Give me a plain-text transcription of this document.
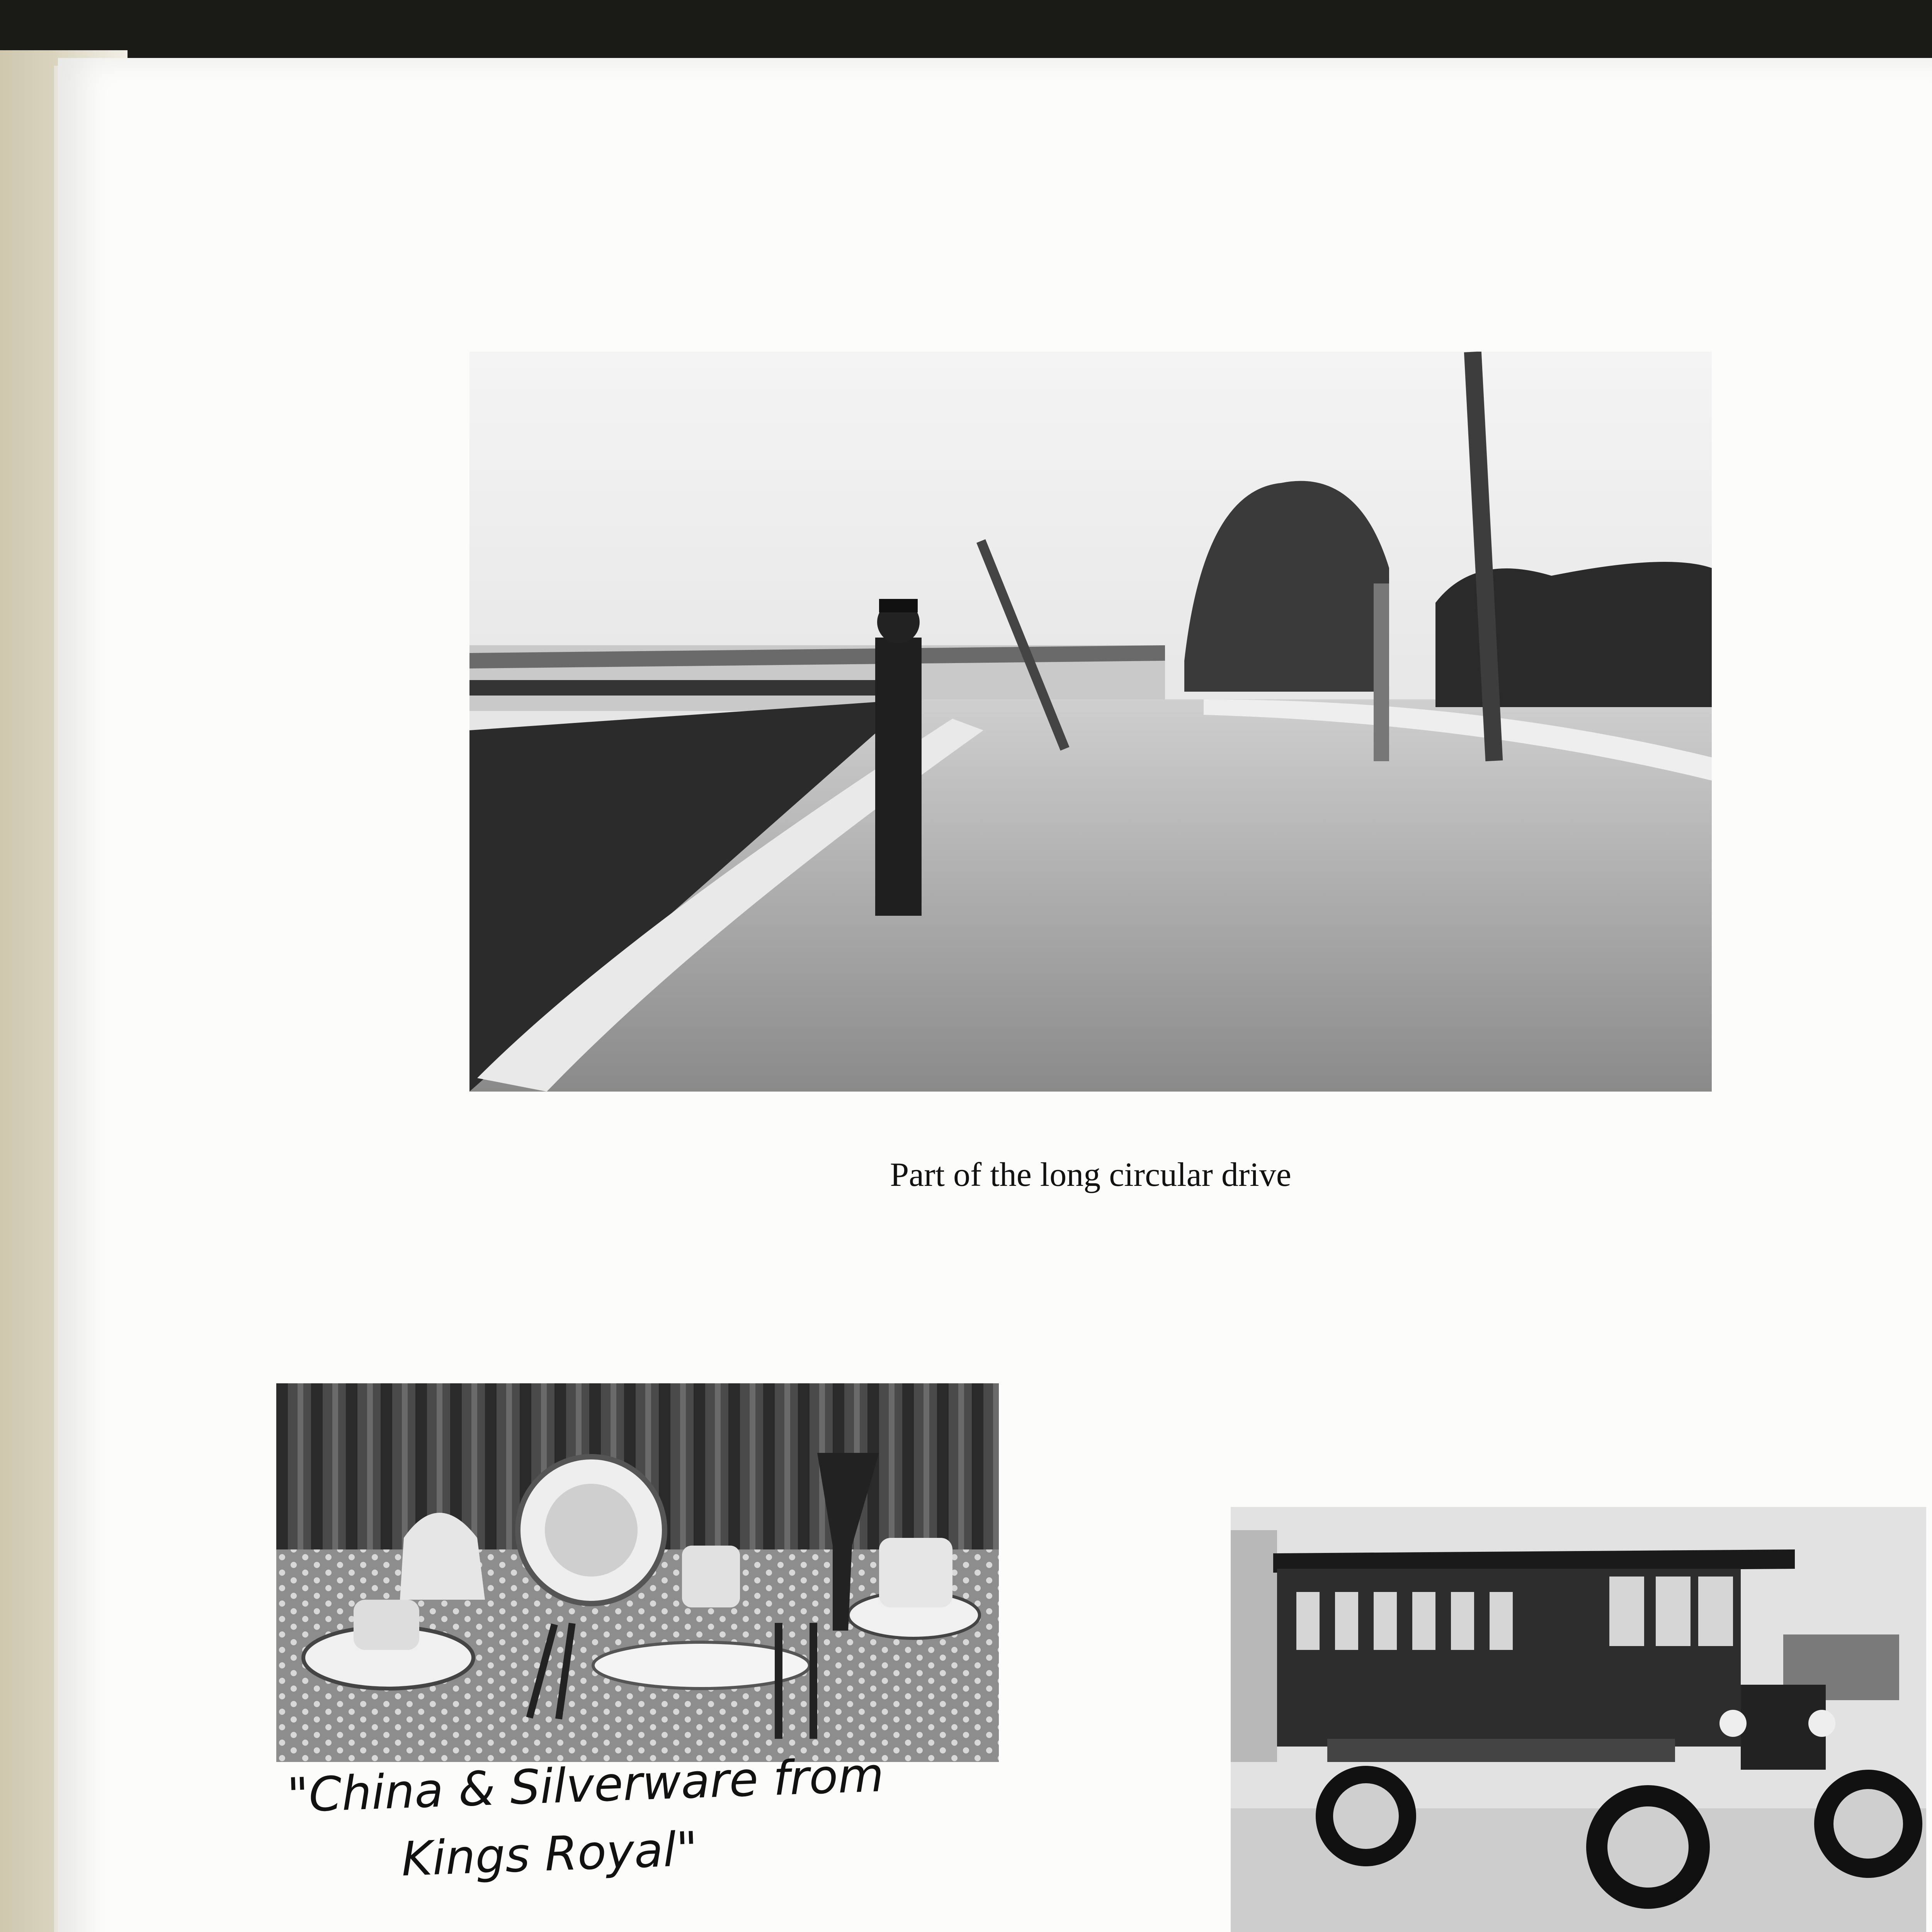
Part of the long circular drive
"China & Silverware from
Kings Royal"
